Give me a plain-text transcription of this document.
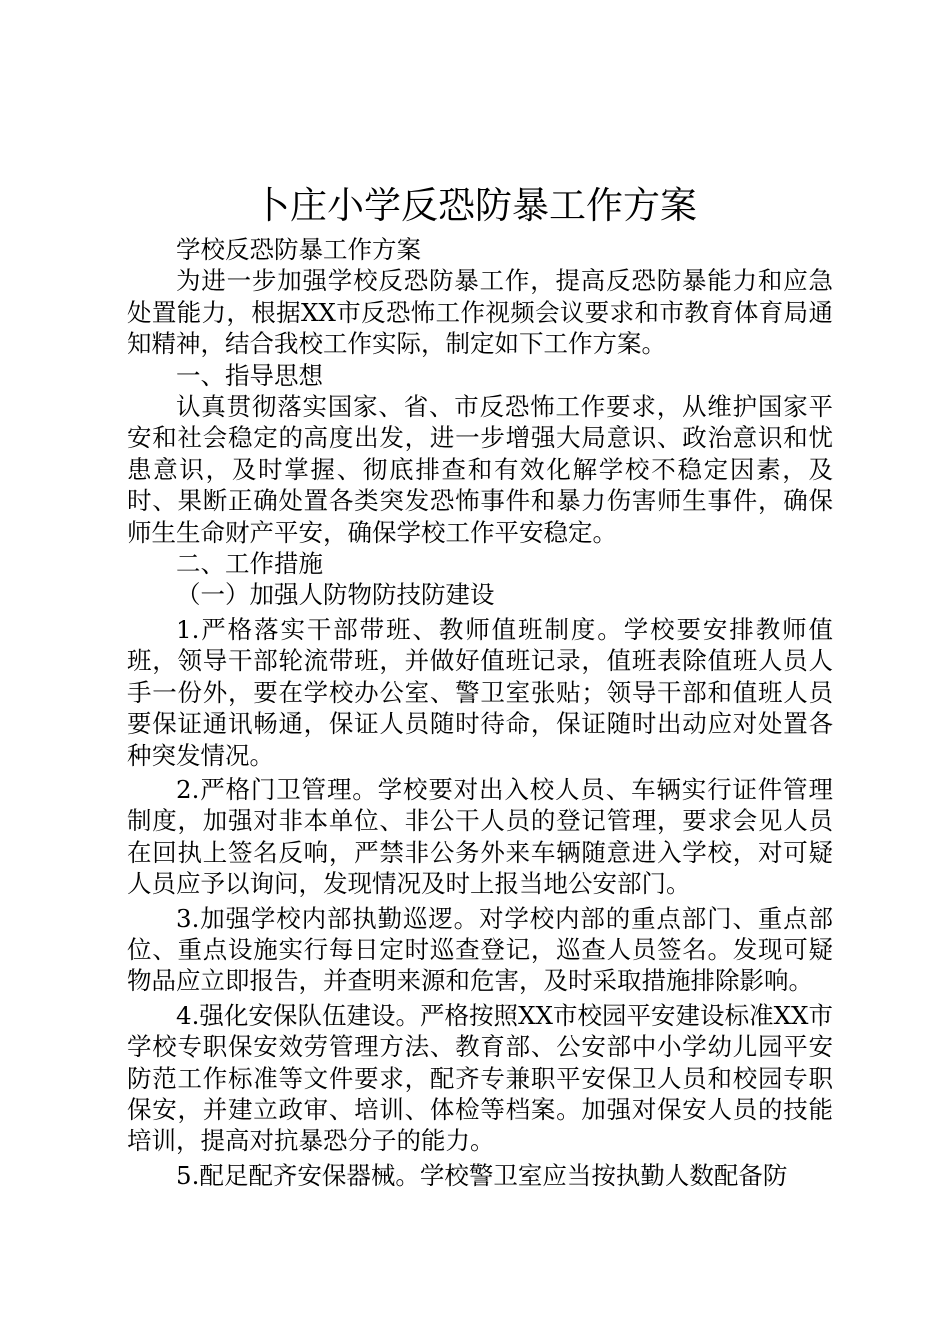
卜庄小学反恐防暴工作方案

学校反恐防暴工作方案

为进一步加强学校反恐防暴工作，提高反恐防暴能力和应急处置能力，根据XX市反恐怖工作视频会议要求和市教育体育局通知精神，结合我校工作实际，制定如下工作方案。

一、指导思想

认真贯彻落实国家、省、市反恐怖工作要求，从维护国家平安和社会稳定的高度出发，进一步增强大局意识、政治意识和忧患意识，及时掌握、彻底排查和有效化解学校不稳定因素，及时、果断正确处置各类突发恐怖事件和暴力伤害师生事件，确保师生生命财产平安，确保学校工作平安稳定。

二、工作措施

（一）加强人防物防技防建设

1.严格落实干部带班、教师值班制度。学校要安排教师值班，领导干部轮流带班，并做好值班记录，值班表除值班人员人手一份外，要在学校办公室、警卫室张贴；领导干部和值班人员要保证通讯畅通，保证人员随时待命，保证随时出动应对处置各种突发情况。

2.严格门卫管理。学校要对出入校人员、车辆实行证件管理制度，加强对非本单位、非公干人员的登记管理，要求会见人员在回执上签名反响，严禁非公务外来车辆随意进入学校，对可疑人员应予以询问，发现情况及时上报当地公安部门。

3.加强学校内部执勤巡逻。对学校内部的重点部门、重点部位、重点设施实行每日定时巡查登记，巡查人员签名。发现可疑物品应立即报告，并查明来源和危害，及时采取措施排除影响。

4.强化安保队伍建设。严格按照XX市校园平安建设标准XX市学校专职保安效劳管理方法、教育部、公安部中小学幼儿园平安防范工作标准等文件要求，配齐专兼职平安保卫人员和校园专职保安，并建立政审、培训、体检等档案。加强对保安人员的技能培训，提高对抗暴恐分子的能力。

5.配足配齐安保器械。学校警卫室应当按执勤人数配备防
